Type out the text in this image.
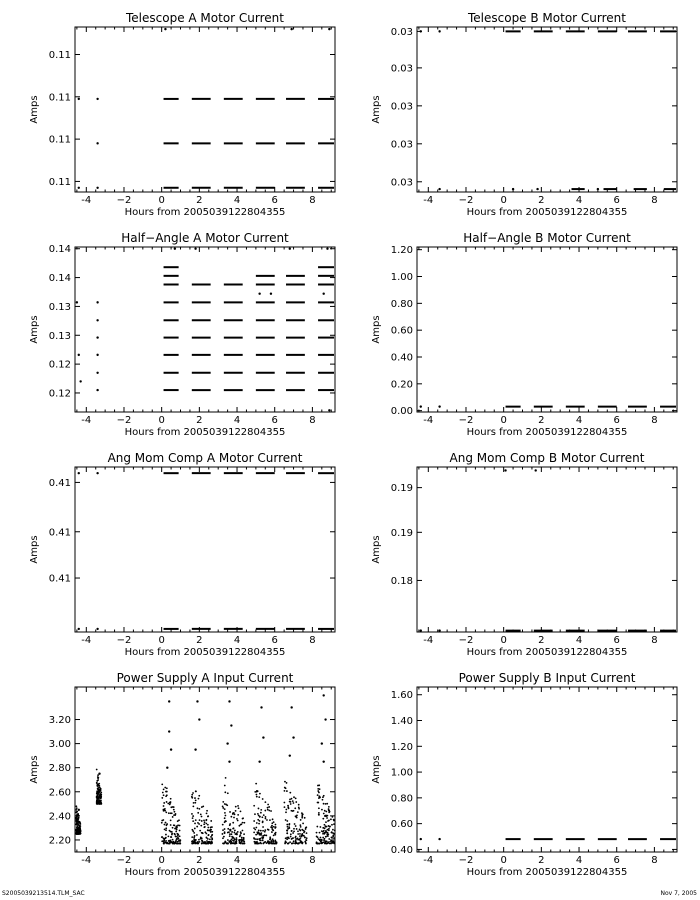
Telescope A Motor Current
-4	−2	0	2	4	6	8
0.11
0.11
0.11
0.11
Hours from 2005039122804355
Amps
Telescope B Motor Current
-4	−2	0	2	4	6	8
0.03
0.03
0.03
0.03
0.03
Hours from 2005039122804355
Amps
Half−Angle A Motor Current
-4	−2	0	2	4	6	8
0.12
0.12
0.13
0.13
0.14
0.14
Hours from 2005039122804355
Amps
Half−Angle B Motor Current
-4	−2	0	2	4	6	8
0.00
0.20
0.40
0.60
0.80
1.00
1.20
Hours from 2005039122804355
Amps
Ang Mom Comp A Motor Current
-4	−2	0	2	4	6	8
0.41
0.41
0.41
Hours from 2005039122804355
Amps
Ang Mom Comp B Motor Current
-4	−2	0	2	4	6	8
0.18
0.19
0.19
Hours from 2005039122804355
Amps
Power Supply A Input Current
-4	−2	0	2	4	6	8
2.20
2.40
2.60
2.80
3.00
3.20
Hours from 2005039122804355
Amps
Power Supply B Input Current
-4	−2	0	2	4	6	8
0.40
0.60
0.80
1.00
1.20
1.40
1.60
Hours from 2005039122804355
Amps
S2005039213514.TLM_SAC	Nov 7, 2005
